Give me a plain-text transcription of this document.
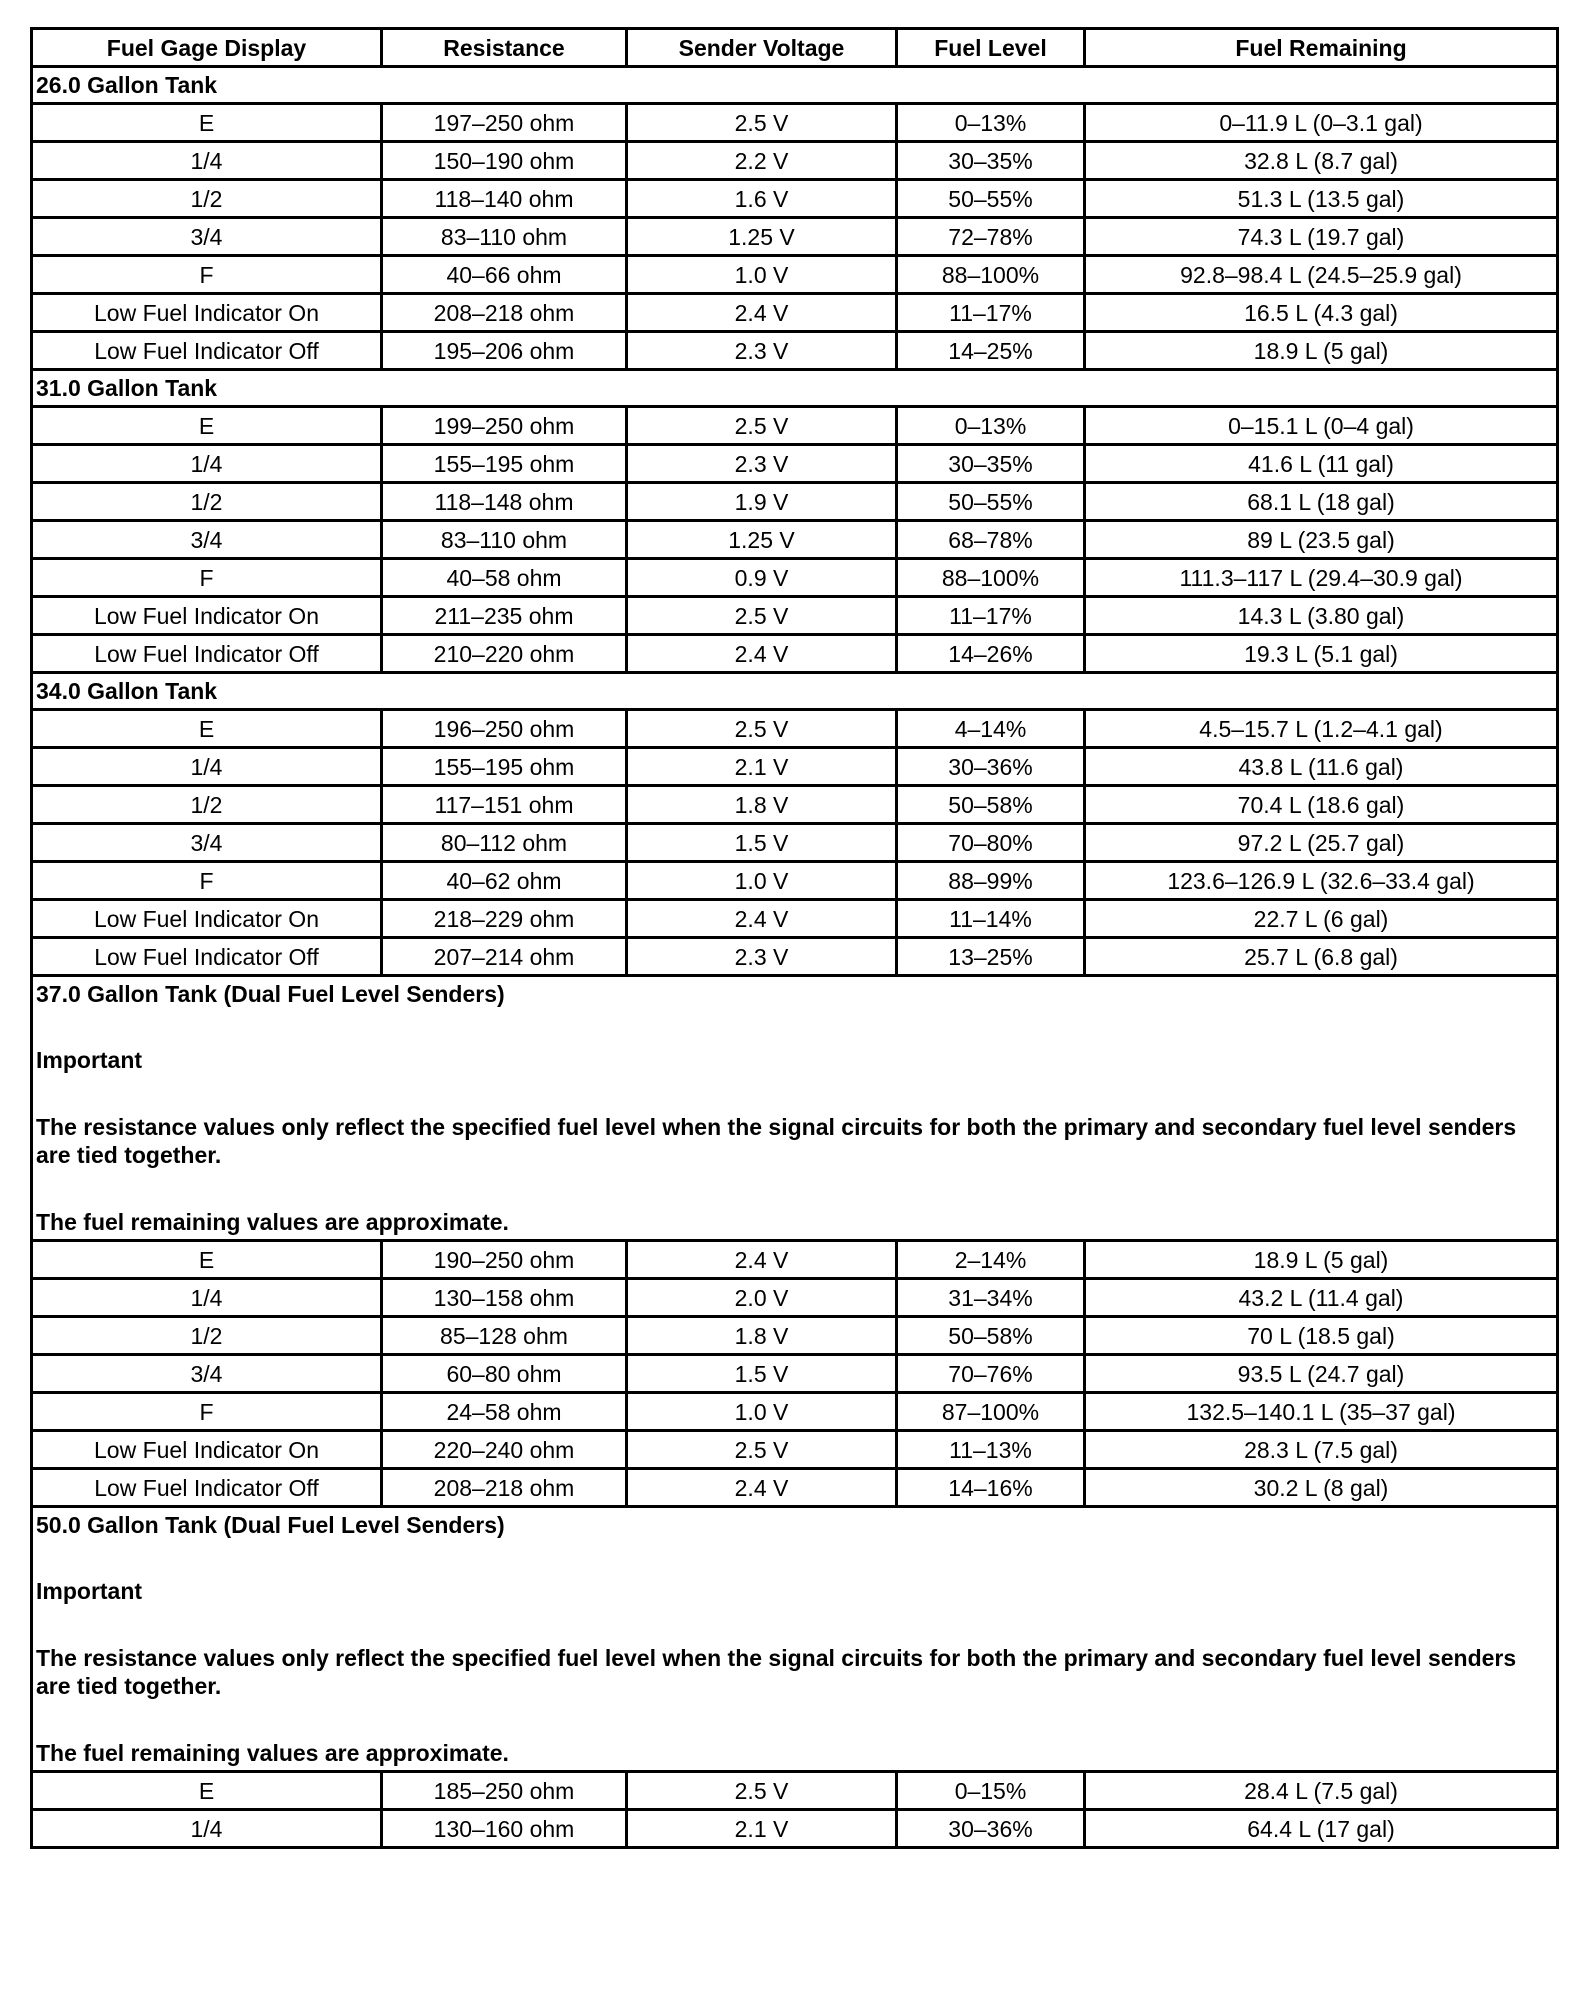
Fuel Gage Display	Resistance	Sender Voltage	Fuel Level	Fuel Remaining

26.0 Gallon Tank				

E	197–250 ohm	2.5 V	0–13%	0–11.9 L (0–3.1 gal)
1/4	150–190 ohm	2.2 V	30–35%	32.8 L (8.7 gal)
1/2	118–140 ohm	1.6 V	50–55%	51.3 L (13.5 gal)
3/4	83–110 ohm	1.25 V	72–78%	74.3 L (19.7 gal)
F	40–66 ohm	1.0 V	88–100%	92.8–98.4 L (24.5–25.9 gal)
Low Fuel Indicator On	208–218 ohm	2.4 V	11–17%	16.5 L (4.3 gal)
Low Fuel Indicator Off	195–206 ohm	2.3 V	14–25%	18.9 L (5 gal)

31.0 Gallon Tank				

E	199–250 ohm	2.5 V	0–13%	0–15.1 L (0–4 gal)
1/4	155–195 ohm	2.3 V	30–35%	41.6 L (11 gal)
1/2	118–148 ohm	1.9 V	50–55%	68.1 L (18 gal)
3/4	83–110 ohm	1.25 V	68–78%	89 L (23.5 gal)
F	40–58 ohm	0.9 V	88–100%	111.3–117 L (29.4–30.9 gal)
Low Fuel Indicator On	211–235 ohm	2.5 V	11–17%	14.3 L (3.80 gal)
Low Fuel Indicator Off	210–220 ohm	2.4 V	14–26%	19.3 L (5.1 gal)

34.0 Gallon Tank				

E	196–250 ohm	2.5 V	4–14%	4.5–15.7 L (1.2–4.1 gal)
1/4	155–195 ohm	2.1 V	30–36%	43.8 L (11.6 gal)
1/2	117–151 ohm	1.8 V	50–58%	70.4 L (18.6 gal)
3/4	80–112 ohm	1.5 V	70–80%	97.2 L (25.7 gal)
F	40–62 ohm	1.0 V	88–99%	123.6–126.9 L (32.6–33.4 gal)
Low Fuel Indicator On	218–229 ohm	2.4 V	11–14%	22.7 L (6 gal)
Low Fuel Indicator Off	207–214 ohm	2.3 V	13–25%	25.7 L (6.8 gal)

37.0 Gallon Tank (Dual Fuel Level Senders)

Important

The resistance values only reflect the specified fuel level when the signal circuits for both the primary and secondary fuel level senders are tied together.

The fuel remaining values are approximate.				

E	190–250 ohm	2.4 V	2–14%	18.9 L (5 gal)
1/4	130–158 ohm	2.0 V	31–34%	43.2 L (11.4 gal)
1/2	85–128 ohm	1.8 V	50–58%	70 L (18.5 gal)
3/4	60–80 ohm	1.5 V	70–76%	93.5 L (24.7 gal)
F	24–58 ohm	1.0 V	87–100%	132.5–140.1 L (35–37 gal)
Low Fuel Indicator On	220–240 ohm	2.5 V	11–13%	28.3 L (7.5 gal)
Low Fuel Indicator Off	208–218 ohm	2.4 V	14–16%	30.2 L (8 gal)

50.0 Gallon Tank (Dual Fuel Level Senders)

Important

The resistance values only reflect the specified fuel level when the signal circuits for both the primary and secondary fuel level senders are tied together.

The fuel remaining values are approximate.				

E	185–250 ohm	2.5 V	0–15%	28.4 L (7.5 gal)
1/4	130–160 ohm	2.1 V	30–36%	64.4 L (17 gal)
